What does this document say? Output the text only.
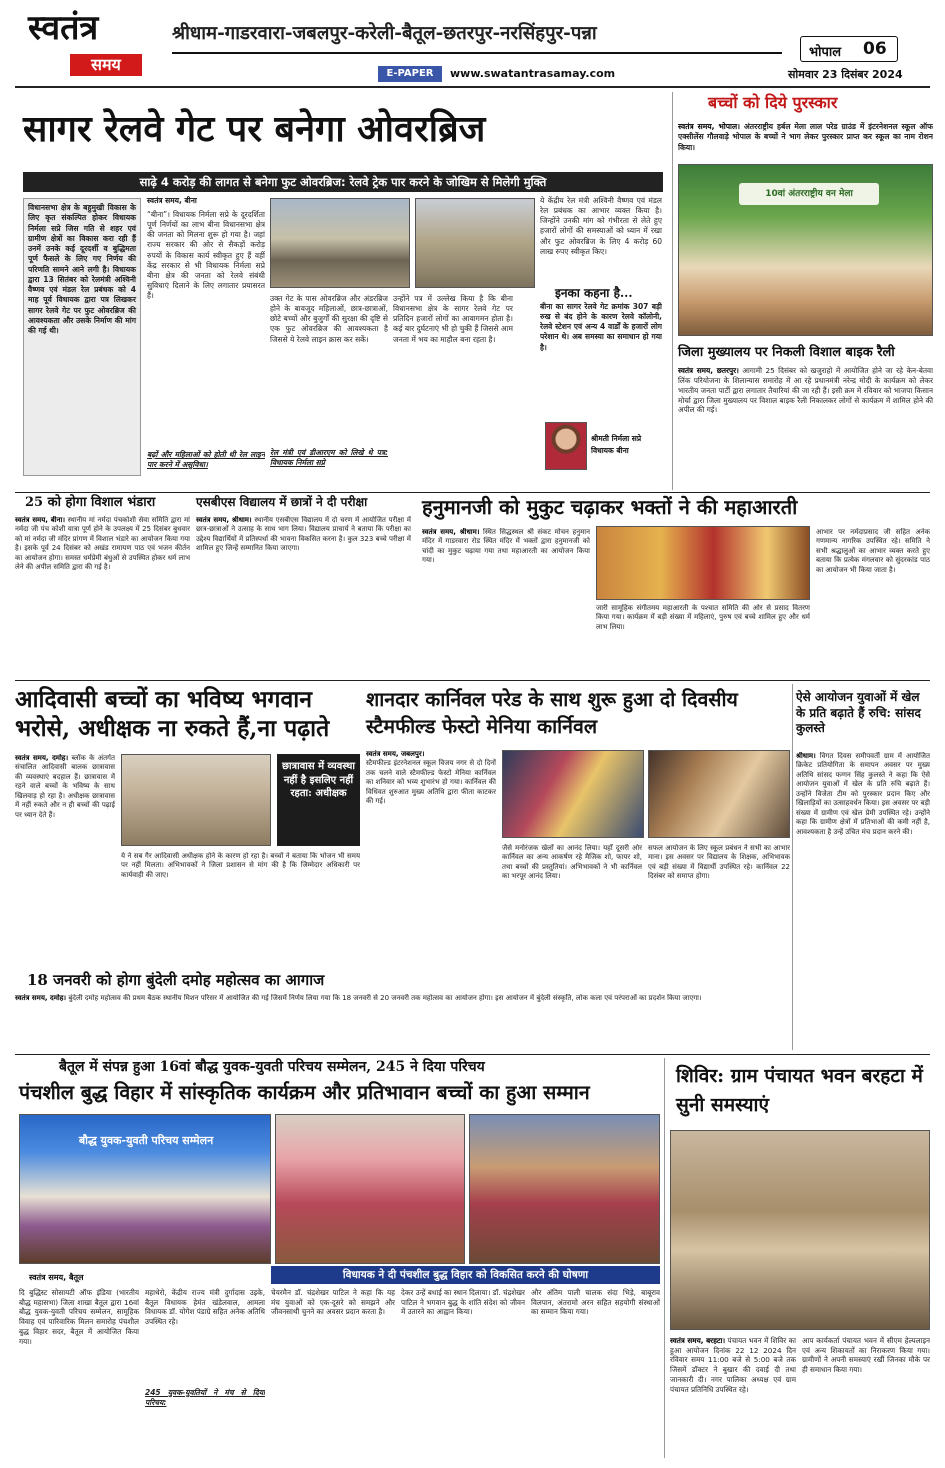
स्वतंत्र
समय
श्रीधाम-गाडरवारा-जबलपुर-करेली-बैतूल-छतरपुर-नरसिंहपुर-पन्ना
भोपाल 06
E-PAPER	www.swatantrasamay.com	सोमवार 23 दिसंबर 2024
सागर रेलवे गेट पर बनेगा ओवरब्रिज
साढ़े 4 करोड़ की लागत से बनेगा फुट ओवरब्रिज: रेलवे ट्रेक पार करने के जोखिम से मिलेगी मुक्ति
विधानसभा क्षेत्र के बहुमुखी विकास के लिए कृत संकल्पित होकर विधायक निर्मला सप्रे जिस गति से शहर एवं ग्रामीण क्षेत्रों का विकास करा रही हैं उनमें उनके कई दूरदर्शी व बुद्धिमता पूर्ण फैसले के लिए गए निर्णय की परिणति सामने आने लगी है। विधायक द्वारा 13 सितंबर को रेलमंत्री अश्विनी वैष्णव एवं मंडल रेल प्रबंधक को 4 माह पूर्व विधायक द्वारा पत्र लिखकर सागर रेलवे गेट पर फुट ओवरब्रिज की आवश्यकता और उसके निर्माण की मांग की गई थी।
स्वतंत्र समय, बीना
“बीना”। विधायक निर्मला सप्रे के दूरदर्शिता पूर्ण निर्णयों का लाभ बीना विधानसभा क्षेत्र की जनता को मिलना शुरू हो गया है। जहां राज्य सरकार की ओर से सैकड़ों करोड़ रुपयों के विकास कार्य स्वीकृत हुए हैं वहीं केंद्र सरकार से भी विधायक निर्मला सप्रे बीना क्षेत्र की जनता को रेलवे संबंधी सुविधाएं दिलाने के लिए लगातार प्रयासरत हैं।
बढ़ों और महिलाओं को होती थी रेल लाइन पार करने में असुविधा।
उक्त गेट के पास ओवरब्रिज और अंडरब्रिज होने के बावजूद महिलाओं, छात्र-छात्राओं, छोटे बच्चों और बुजुर्गों की सुरक्षा की दृष्टि से एक फुट ओवरब्रिज की आवश्यकता है जिससे ये रेलवे लाइन क्रास कर सकें।
रेल मंत्री एवं डीआरएम को लिखे थे पत्र: विधायक निर्मला सप्रे
उन्होंने पत्र में उल्लेख किया है कि बीना विधानसभा क्षेत्र के सागर रेलवे गेट पर प्रतिदिन हजारों लोगों का आवागमन होता है। कई बार दुर्घटनाएं भी हो चुकी हैं जिससे आम जनता में भय का माहौल बना रहता है।
ये केंद्रीय रेल मंत्री अश्विनी वैष्णव एवं मंडल रेल प्रबंधक का आभार व्यक्त किया है। जिन्होंने उनकी मांग को गंभीरता से लेते हुए हजारों लोगों की समस्याओं को ध्यान में रखा और फुट ओवरब्रिज के लिए 4 करोड़ 60 लाख रुपए स्वीकृत किए।
इनका कहना है...
बीना का सागर रेलवे गेट क्रमांक 307 बड़ी रुख से बंद होने के कारण रेलवे कॉलोनी, रेलवे स्टेशन एवं अन्य 4 वार्डों के हजारों लोग परेशान थे। अब समस्या का समाधान हो गया है।
श्रीमती निर्मला सप्रे
विधायक बीना
बच्चों को दिये पुरस्कार
स्वतंत्र समय, भोपाल। अंतरराष्ट्रीय हर्बल मेला लाल परेड ग्राउंड में इंटरनेशनल स्कूल ऑफ एक्सीलेंस गौलवाड़े भोपाल के बच्चों ने भाग लेकर पुरस्कार प्राप्त कर स्कूल का नाम रोशन किया।
10वां अंतरराष्ट्रीय वन मेला
जिला मुख्यालय पर निकली विशाल बाइक रैली
स्वतंत्र समय, छतरपुर। आगामी 25 दिसंबर को खजुराहो में आयोजित होने जा रहे केन-बेतवा लिंक परियोजना के शिलान्यास समारोह में आ रहे प्रधानमंत्री नरेन्द्र मोदी के कार्यक्रम को लेकर भारतीय जनता पार्टी द्वारा लगातार तैयारियां की जा रही हैं। इसी क्रम में रविवार को भाजपा किसान मोर्चा द्वारा जिला मुख्यालय पर विशाल बाइक रैली निकालकर लोगों से कार्यक्रम में शामिल होने की अपील की गई।
25 को होगा विशाल भंडारा
स्वतंत्र समय, बीना। स्थानीय मां नर्मदा पंचकोशी सेवा समिति द्वारा मां नर्मदा जी पंच कोशी यात्रा पूर्ण होने के उपलक्ष्य में 25 दिसंबर बुधवार को मां नर्मदा जी मंदिर प्रांगण में विशाल भंडारे का आयोजन किया गया है। इसके पूर्व 24 दिसंबर को अखंड रामायण पाठ एवं भजन कीर्तन का आयोजन होगा। समस्त धर्मप्रेमी बंधुओं से उपस्थित होकर धर्म लाभ लेने की अपील समिति द्वारा की गई है।
एसबीएस विद्यालय में छात्रों ने दी परीक्षा
स्वतंत्र समय, श्रीधाम। स्थानीय एसबीएस विद्यालय में दो चरण में आयोजित परीक्षा में छात्र-छात्राओं ने उत्साह के साथ भाग लिया। विद्यालय प्राचार्य ने बताया कि परीक्षा का उद्देश्य विद्यार्थियों में प्रतिस्पर्धा की भावना विकसित करना है। कुल 323 बच्चे परीक्षा में शामिल हुए जिन्हें सम्मानित किया जाएगा।
हनुमानजी को मुकुट चढ़ाकर भक्तों ने की महाआरती
स्वतंत्र समय, श्रीधाम। स्थित सिद्धस्थल श्री संकट मोचन हनुमान मंदिर में गाडरवारा रोड स्थित मंदिर में भक्तों द्वारा हनुमानजी को चांदी का मुकुट चढ़ाया गया तथा महाआरती का आयोजन किया गया।
जारी सामूहिक संगीतमय महाआरती के पश्चात समिति की ओर से प्रसाद वितरण किया गया। कार्यक्रम में बड़ी संख्या में महिलाएं, पुरुष एवं बच्चे शामिल हुए और धर्म लाभ लिया।
आभार पर नर्मदाप्रसाद जी सहित अनेक गणमान्य नागरिक उपस्थित रहे। समिति ने सभी श्रद्धालुओं का आभार व्यक्त करते हुए बताया कि प्रत्येक मंगलवार को सुंदरकांड पाठ का आयोजन भी किया जाता है।
आदिवासी बच्चों का भविष्य भगवान भरोसे, अधीक्षक ना रुकते हैं,ना पढ़ाते
स्वतंत्र समय, दमोह। ब्लॉक के अंतर्गत संचालित आदिवासी बालक छात्रावास की व्यवस्थाएं बदहाल हैं। छात्रावास में रहने वाले बच्चों के भविष्य के साथ खिलवाड़ हो रहा है। अधीक्षक छात्रावास में नहीं रुकते और न ही बच्चों की पढ़ाई पर ध्यान देते हैं।
छात्रावास में व्यवस्था नहीं है इसलिए नहीं रहता: अधीक्षक
ये ने सब गैर आदिवासी अधीक्षक होने के कारण हो रहा है। बच्चों ने बताया कि भोजन भी समय पर नहीं मिलता। अभिभावकों ने जिला प्रशासन से मांग की है कि जिम्मेदार अधिकारी पर कार्यवाही की जाए।
शानदार कार्निवल परेड के साथ शुरू हुआ दो दिवसीय स्टैमफील्ड फेस्टो मेनिया कार्निवल
स्वतंत्र समय, जबलपुर।
स्टैमफील्ड इंटरनेशनल स्कूल विजय नगर से दो दिनों तक चलने वाले स्टैमफील्ड फेस्टो मेनिया कार्निवल का शनिवार को भव्य शुभारंभ हो गया। कार्निवल की विधिवत शुरुआत मुख्य अतिथि द्वारा फीता काटकर की गई।
जैसे मनोरंजक खेलों का आनंद लिया। यहाँ दूसरी ओर कार्निवल का अन्य आकर्षण रहे मैजिक शो, फायर शो, तथा बच्चों की प्रस्तुतियां। अभिभावकों ने भी कार्निवल का भरपूर आनंद लिया।
सफल आयोजन के लिए स्कूल प्रबंधन ने सभी का आभार माना। इस अवसर पर विद्यालय के शिक्षक, अभिभावक एवं बड़ी संख्या में विद्यार्थी उपस्थित रहे। कार्निवल 22 दिसंबर को समाप्त होगा।
ऐसे आयोजन युवाओं में खेल के प्रति बढ़ाते हैं रुचि: सांसद कुलस्ते
श्रीधाम। विगत दिवस समीपवर्ती ग्राम में आयोजित क्रिकेट प्रतियोगिता के समापन अवसर पर मुख्य अतिथि सांसद फग्गन सिंह कुलस्ते ने कहा कि ऐसे आयोजन युवाओं में खेल के प्रति रुचि बढ़ाते हैं। उन्होंने विजेता टीम को पुरस्कार प्रदान किए और खिलाड़ियों का उत्साहवर्धन किया। इस अवसर पर बड़ी संख्या में ग्रामीण एवं खेल प्रेमी उपस्थित रहे। उन्होंने कहा कि ग्रामीण क्षेत्रों में प्रतिभाओं की कमी नहीं है, आवश्यकता है उन्हें उचित मंच प्रदान करने की।
18 जनवरी को होगा बुंदेली दमोह महोत्सव का आगाज
स्वतंत्र समय, दमोह। बुंदेली दमोह महोत्सव की प्रथम बैठक स्थानीय मिशन परिसर में आयोजित की गई जिसमें निर्णय लिया गया कि 18 जनवरी से 20 जनवरी तक महोत्सव का आयोजन होगा। इस आयोजन में बुंदेली संस्कृति, लोक कला एवं परंपराओं का प्रदर्शन किया जाएगा।
बैतूल में संपन्न हुआ 16वां बौद्ध युवक-युवती परिचय सम्मेलन, 245 ने दिया परिचय
पंचशील बुद्ध विहार में सांस्कृतिक कार्यक्रम और प्रतिभावान बच्चों का हुआ सम्मान
बौद्ध युवक-युवती परिचय सम्मेलन
विधायक ने दी पंचशील बुद्ध विहार को विकसित करने की घोषणा
स्वतंत्र समय, बैतूल
दि बुद्धिस्ट सोसायटी ऑफ इंडिया (भारतीय बौद्ध महासभा) जिला शाखा बैतूल द्वारा 16वां बौद्ध युवक-युवती परिचय सम्मेलन, सामूहिक विवाह एवं पारिवारिक मिलन समारोह पंचशील बुद्ध विहार सदर, बैतूल में आयोजित किया गया।
महाथेरो, केंद्रीय राज्य मंत्री दुर्गादास उइके, बैतूल विधायक हेमंत खंडेलवाल, आमला विधायक डॉ. योगेश पंडाग्रे सहित अनेक अतिथि उपस्थित रहे।
245 युवक-युवतियों ने मंच से दिया परिचय:
चेयरमैन डॉ. चंद्रशेखर पाटिल ने कहा कि यह मंच युवाओं को एक-दूसरे को समझने और जीवनसाथी चुनने का अवसर प्रदान करता है।
देकर उन्हें बधाई का स्थान दिलाया। डॉ. चंद्रशेखर पाटिल ने भगवान बुद्ध के शांति संदेश को जीवन में उतारने का आह्वान किया।
और अंतिम पाली चालक संदा भिड़े, बाबूराव विलपान, अंतरामो अरन सहित सहयोगी संस्थाओं का सम्मान किया गया।
शिविर: ग्राम पंचायत भवन बरहटा में सुनी समस्याएं
स्वतंत्र समय, बरहटा। पंचायत भवन में शिविर का हुआ आयोजन दिनांक 22 12 2024 दिन रविवार समय 11:00 बजे से 5:00 बजे तक जिसमें डॉक्टर ने बुखार की दवाई दी तथा जानकारी दी। नगर पालिका अध्यक्ष एवं ग्राम पंचायत प्रतिनिधि उपस्थित रहे।
आप कार्यकर्ता पंचायत भवन में सीएम हेल्पलाइन एवं अन्य शिकायतों का निराकरण किया गया। ग्रामीणों ने अपनी समस्याएं रखीं जिनका मौके पर ही समाधान किया गया।
